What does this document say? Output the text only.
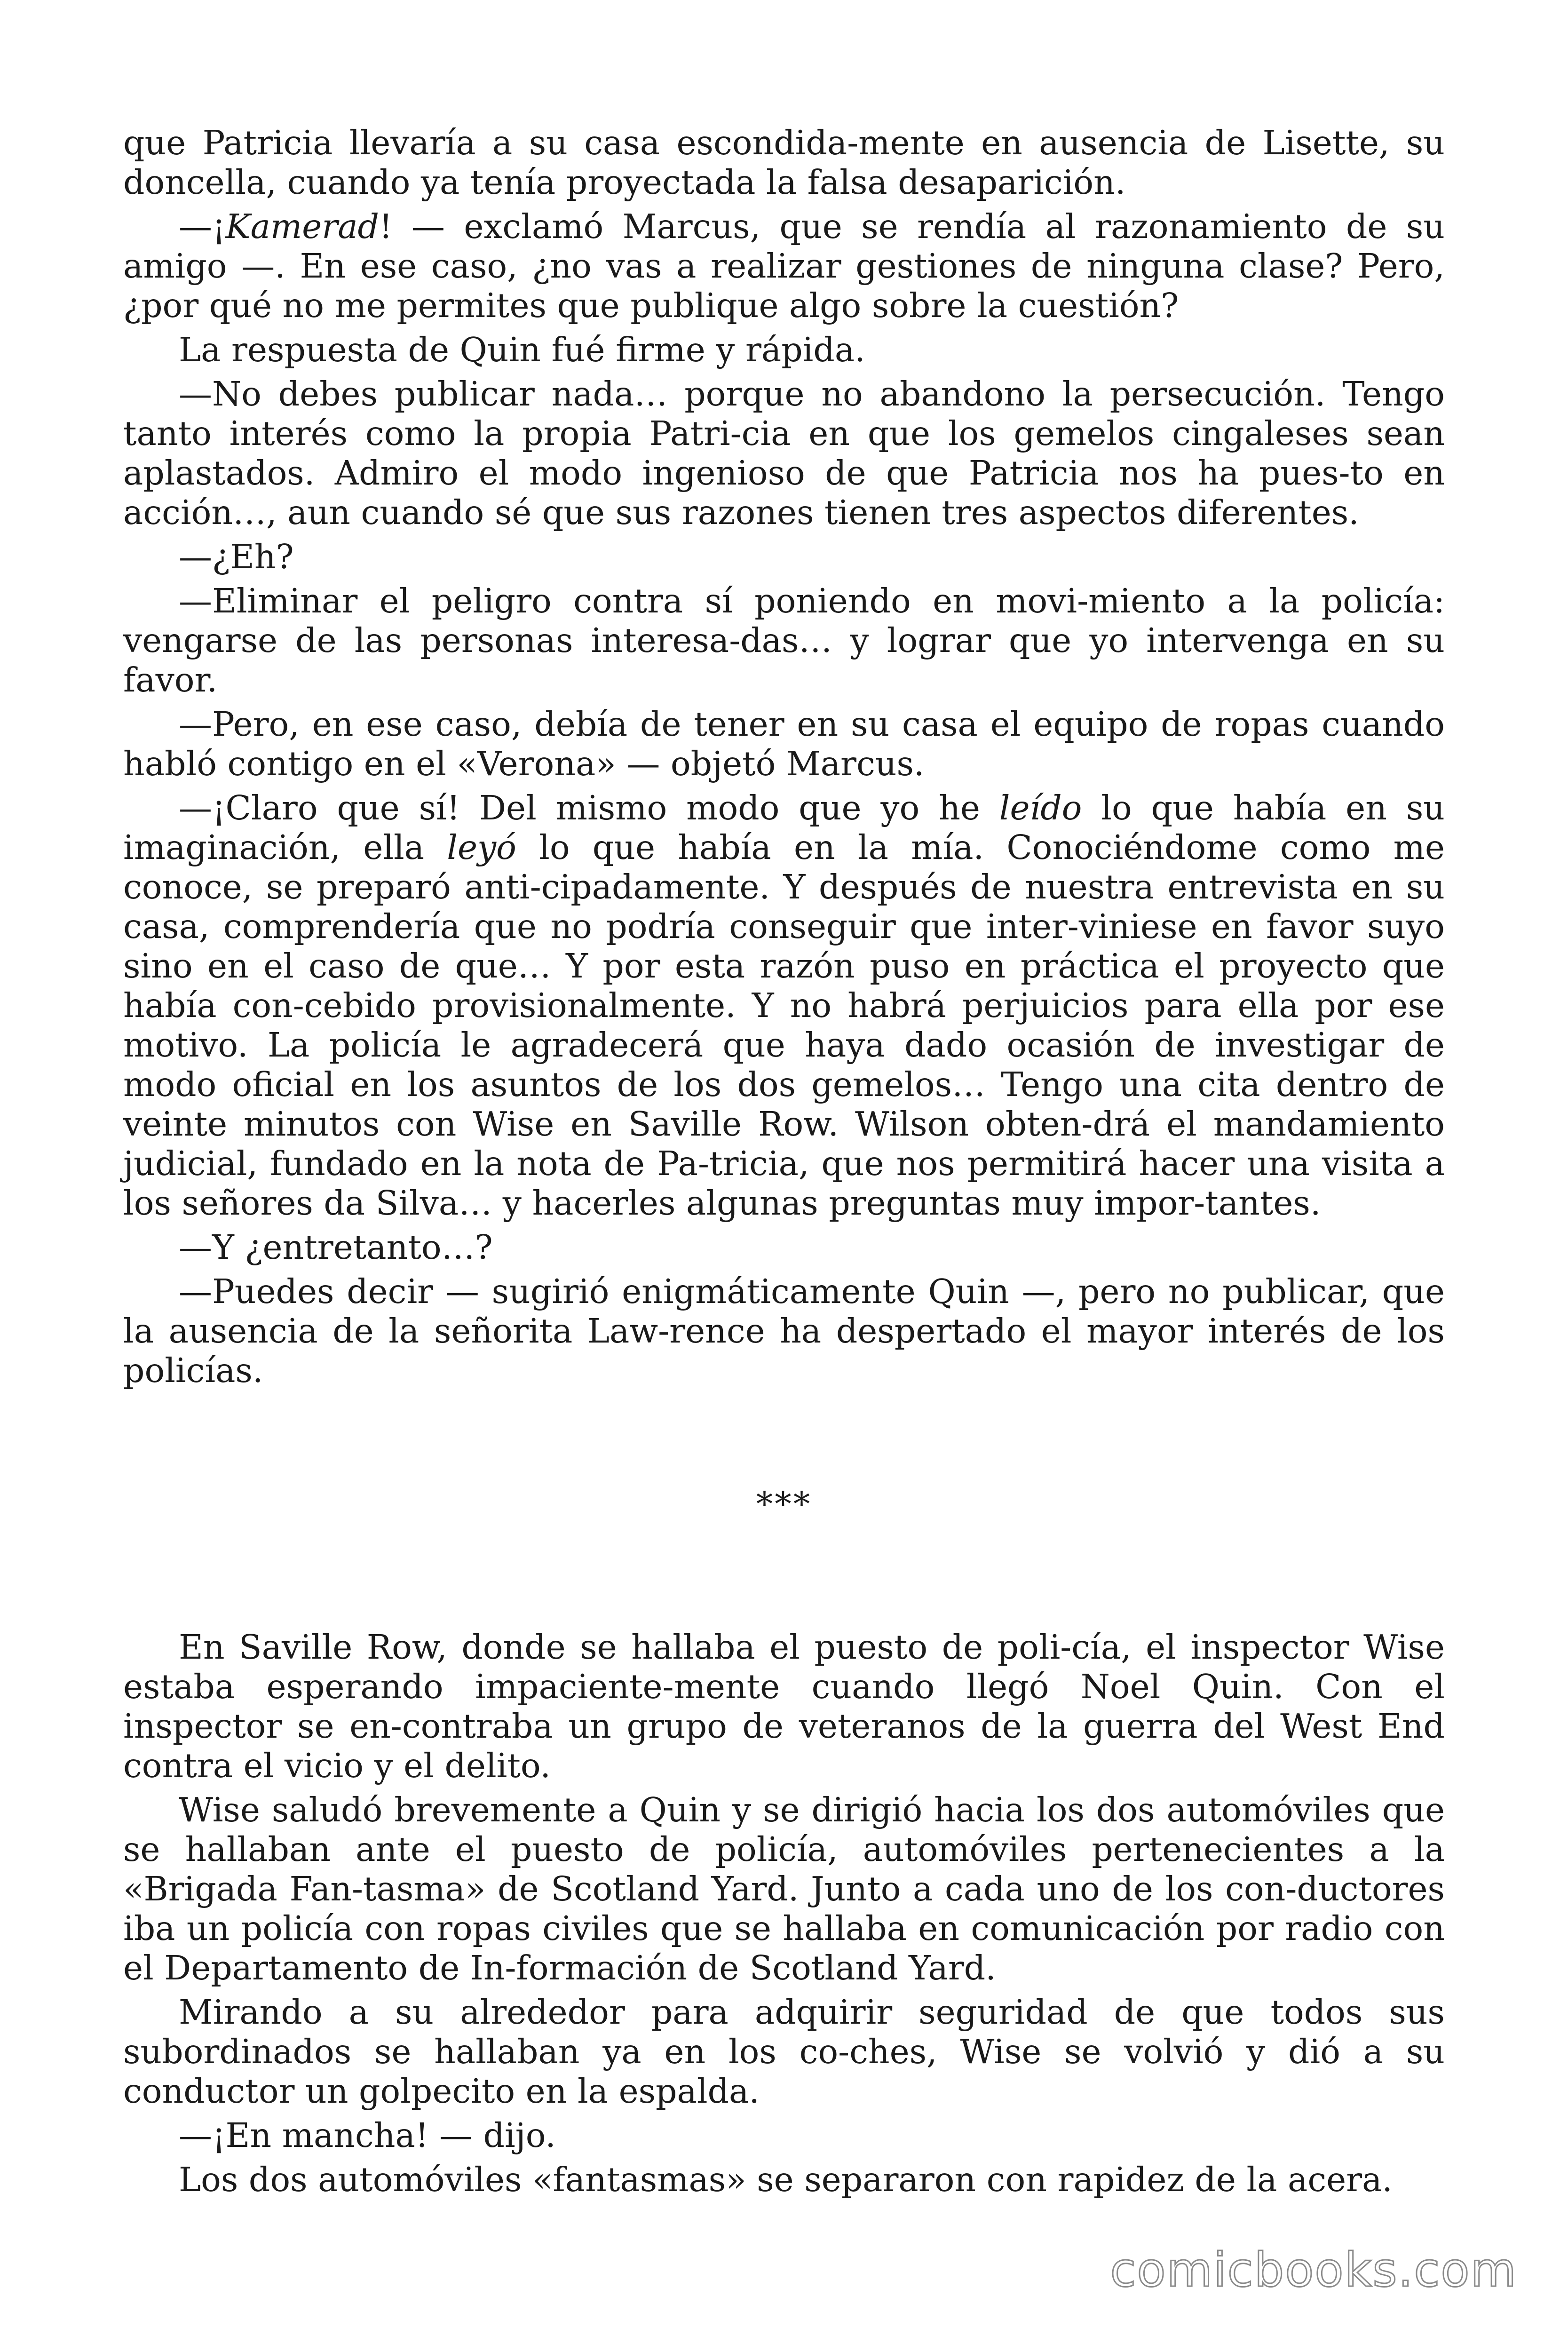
que Patricia llevaría a su casa escondida-mente en ausencia de Lisette, su doncella, cuando ya tenía proyectada la falsa desaparición.

—¡Kamerad! — exclamó Marcus, que se rendía al razonamiento de su amigo —. En ese caso, ¿no vas a realizar gestiones de ninguna clase? Pero, ¿por qué no me permites que publique algo sobre la cuestión?

La respuesta de Quin fué firme y rápida.

—No debes publicar nada… porque no abandono la persecución. Tengo tanto interés como la propia Patri-cia en que los gemelos cingaleses sean aplastados. Admiro el modo ingenioso de que Patricia nos ha pues-to en acción…, aun cuando sé que sus razones tienen tres aspectos diferentes.

—¿Eh?

—Eliminar el peligro contra sí poniendo en movi-miento a la policía: vengarse de las personas interesa-das… y lograr que yo intervenga en su favor.

—Pero, en ese caso, debía de tener en su casa el equipo de ropas cuando habló contigo en el «Verona» — objetó Marcus.

—¡Claro que sí! Del mismo modo que yo he leído lo que había en su imaginación, ella leyó lo que había en la mía. Conociéndome como me conoce, se preparó anti-cipadamente. Y después de nuestra entrevista en su casa, comprendería que no podría conseguir que inter-viniese en favor suyo sino en el caso de que… Y por esta razón puso en práctica el proyecto que había con-cebido provisionalmente. Y no habrá perjuicios para ella por ese motivo. La policía le agradecerá que haya dado ocasión de investigar de modo oficial en los asuntos de los dos gemelos… Tengo una cita dentro de veinte minutos con Wise en Saville Row. Wilson obten-drá el mandamiento judicial, fundado en la nota de Pa-tricia, que nos permitirá hacer una visita a los señores da Silva… y hacerles algunas preguntas muy impor-tantes.

—Y ¿entretanto…?

—Puedes decir — sugirió enigmáticamente Quin —, pero no publicar, que la ausencia de la señorita Law-rence ha despertado el mayor interés de los policías.

***

En Saville Row, donde se hallaba el puesto de poli-cía, el inspector Wise estaba esperando impaciente-mente cuando llegó Noel Quin. Con el inspector se en-contraba un grupo de veteranos de la guerra del West End contra el vicio y el delito.

Wise saludó brevemente a Quin y se dirigió hacia los dos automóviles que se hallaban ante el puesto de policía, automóviles pertenecientes a la «Brigada Fan-tasma» de Scotland Yard. Junto a cada uno de los con-ductores iba un policía con ropas civiles que se hallaba en comunicación por radio con el Departamento de In-formación de Scotland Yard.

Mirando a su alrededor para adquirir seguridad de que todos sus subordinados se hallaban ya en los co-ches, Wise se volvió y dió a su conductor un golpecito en la espalda.

—¡En mancha! — dijo.

Los dos automóviles «fantasmas» se separaron con rapidez de la acera.

comicbooks.com
